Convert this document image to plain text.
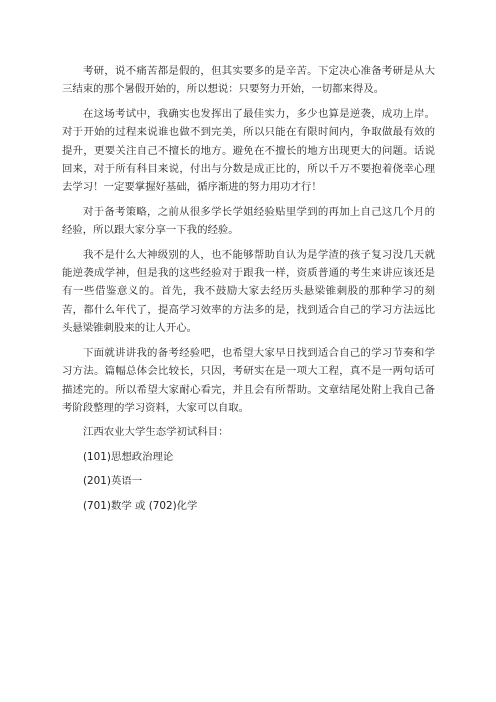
考研，说不痛苦都是假的，但其实要多的是辛苦。下定决心准备考研是从大三结束的那个暑假开始的，所以想说：只要努力开始，一切都来得及。

在这场考试中，我确实也发挥出了最佳实力，多少也算是逆袭，成功上岸。对于开始的过程来说谁也做不到完美，所以只能在有限时间内，争取做最有效的提升，更要关注自己不擅长的地方。避免在不擅长的地方出现更大的问题。话说回来，对于所有科目来说，付出与分数是成正比的，所以千万不要抱着侥幸心理去学习！一定要掌握好基础，循序渐进的努力用功才行！

对于备考策略，之前从很多学长学姐经验贴里学到的再加上自己这几个月的经验，所以跟大家分享一下我的经验。

我不是什么大神级别的人，也不能够帮助自认为是学渣的孩子复习没几天就能逆袭成学神，但是我的这些经验对于跟我一样，资质普通的考生来讲应该还是有一些借鉴意义的。首先，我不鼓励大家去经历头悬梁锥刺股的那种学习的刻苦，都什么年代了，提高学习效率的方法多的是，找到适合自己的学习方法远比头悬梁锥刺股来的让人开心。

下面就讲讲我的备考经验吧，也希望大家早日找到适合自己的学习节奏和学习方法。篇幅总体会比较长，只因，考研实在是一项大工程，真不是一两句话可描述完的。所以希望大家耐心看完，并且会有所帮助。文章结尾处附上我自己备考阶段整理的学习资料，大家可以自取。

江西农业大学生态学初试科目：

(101)思想政治理论

(201)英语一

(701)数学 或 (702)化学
